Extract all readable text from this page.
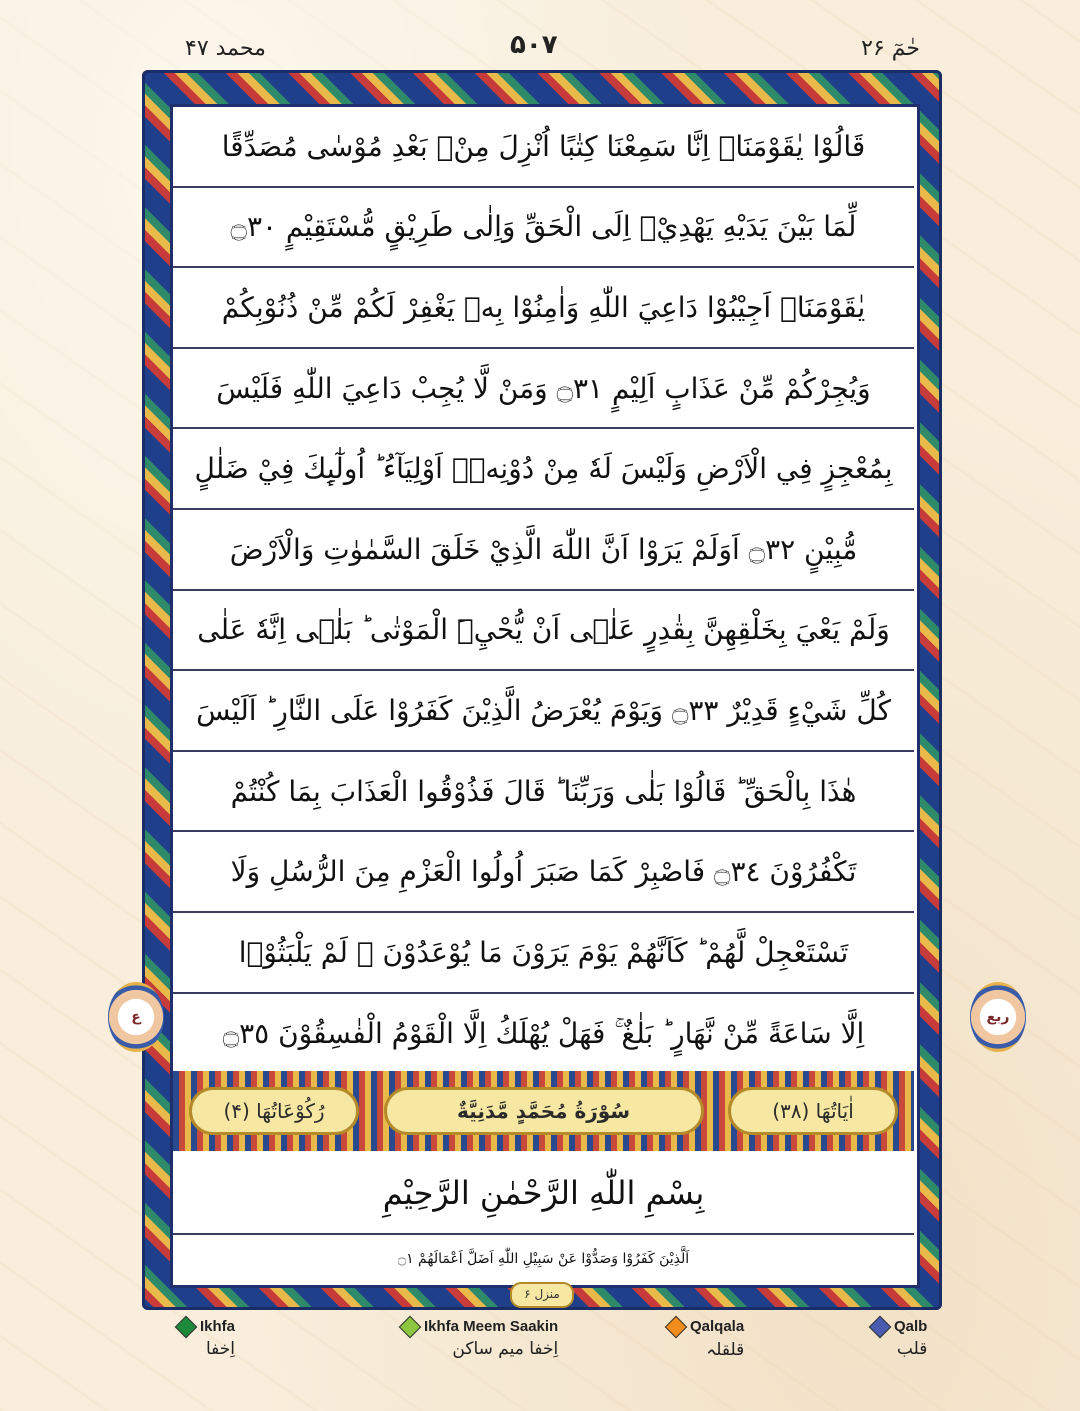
حٰمٓ ۲۶
۵۰۷
محمد ۴۷
ع	ربع
قَالُوْا يٰقَوْمَنَاۤ اِنَّا سَمِعْنَا كِتٰبًا اُنْزِلَ مِنْۢ بَعْدِ مُوْسٰى مُصَدِّقًا
لِّمَا بَيْنَ يَدَيْهِ يَهْدِيْۤ اِلَى الْحَقِّ وَاِلٰى طَرِيْقٍ مُّسْتَقِيْمٍ ۝٣٠
يٰقَوْمَنَاۤ اَجِيْبُوْا دَاعِيَ اللّٰهِ وَاٰمِنُوْا بِهٖ يَغْفِرْ لَكُمْ مِّنْ ذُنُوْبِكُمْ
وَيُجِرْكُمْ مِّنْ عَذَابٍ اَلِيْمٍ ۝٣١ وَمَنْ لَّا يُجِبْ دَاعِيَ اللّٰهِ فَلَيْسَ
بِمُعْجِزٍ فِي الْاَرْضِ وَلَيْسَ لَهٗ مِنْ دُوْنِهٖۤ اَوْلِيَآءُ ؕ اُولٰٓىِٕكَ فِيْ ضَلٰلٍ
مُّبِيْنٍ ۝٣٢ اَوَلَمْ يَرَوْا اَنَّ اللّٰهَ الَّذِيْ خَلَقَ السَّمٰوٰتِ وَالْاَرْضَ
وَلَمْ يَعْيَ بِخَلْقِهِنَّ بِقٰدِرٍ عَلٰۤى اَنْ يُّحْيِۦَ الْمَوْتٰى ؕ بَلٰۤى اِنَّهٗ عَلٰى
كُلِّ شَيْءٍ قَدِيْرٌ ۝٣٣ وَيَوْمَ يُعْرَضُ الَّذِيْنَ كَفَرُوْا عَلَى النَّارِ ؕ اَلَيْسَ
هٰذَا بِالْحَقِّ ؕ قَالُوْا بَلٰى وَرَبِّنَا ؕ قَالَ فَذُوْقُوا الْعَذَابَ بِمَا كُنْتُمْ
تَكْفُرُوْنَ ۝٣٤ فَاصْبِرْ كَمَا صَبَرَ اُولُوا الْعَزْمِ مِنَ الرُّسُلِ وَلَا
تَسْتَعْجِلْ لَّهُمْ ؕ كَاَنَّهُمْ يَوْمَ يَرَوْنَ مَا يُوْعَدُوْنَ ۙ لَمْ يَلْبَثُوْۤا
اِلَّا سَاعَةً مِّنْ نَّهَارٍ ؕ بَلٰغٌ ۚ فَهَلْ يُهْلَكُ اِلَّا الْقَوْمُ الْفٰسِقُوْنَ ۝٣٥
اٰيَاتُهَا (۳۸)
سُوْرَةُ مُحَمَّدٍ مَّدَنِيَّةٌ
رُكُوْعَاتُهَا (۴)
بِسْمِ اللّٰهِ الرَّحْمٰنِ الرَّحِيْمِ
اَلَّذِيْنَ كَفَرُوْا وَصَدُّوْا عَنْ سَبِيْلِ اللّٰهِ اَضَلَّ اَعْمَالَهُمْ ۝١
منزل ۶
Ikhfa
اِخفا
Ikhfa Meem Saakin
اِخفا میم ساکن
Qalqala
قلقلہ
Qalb
قلب
